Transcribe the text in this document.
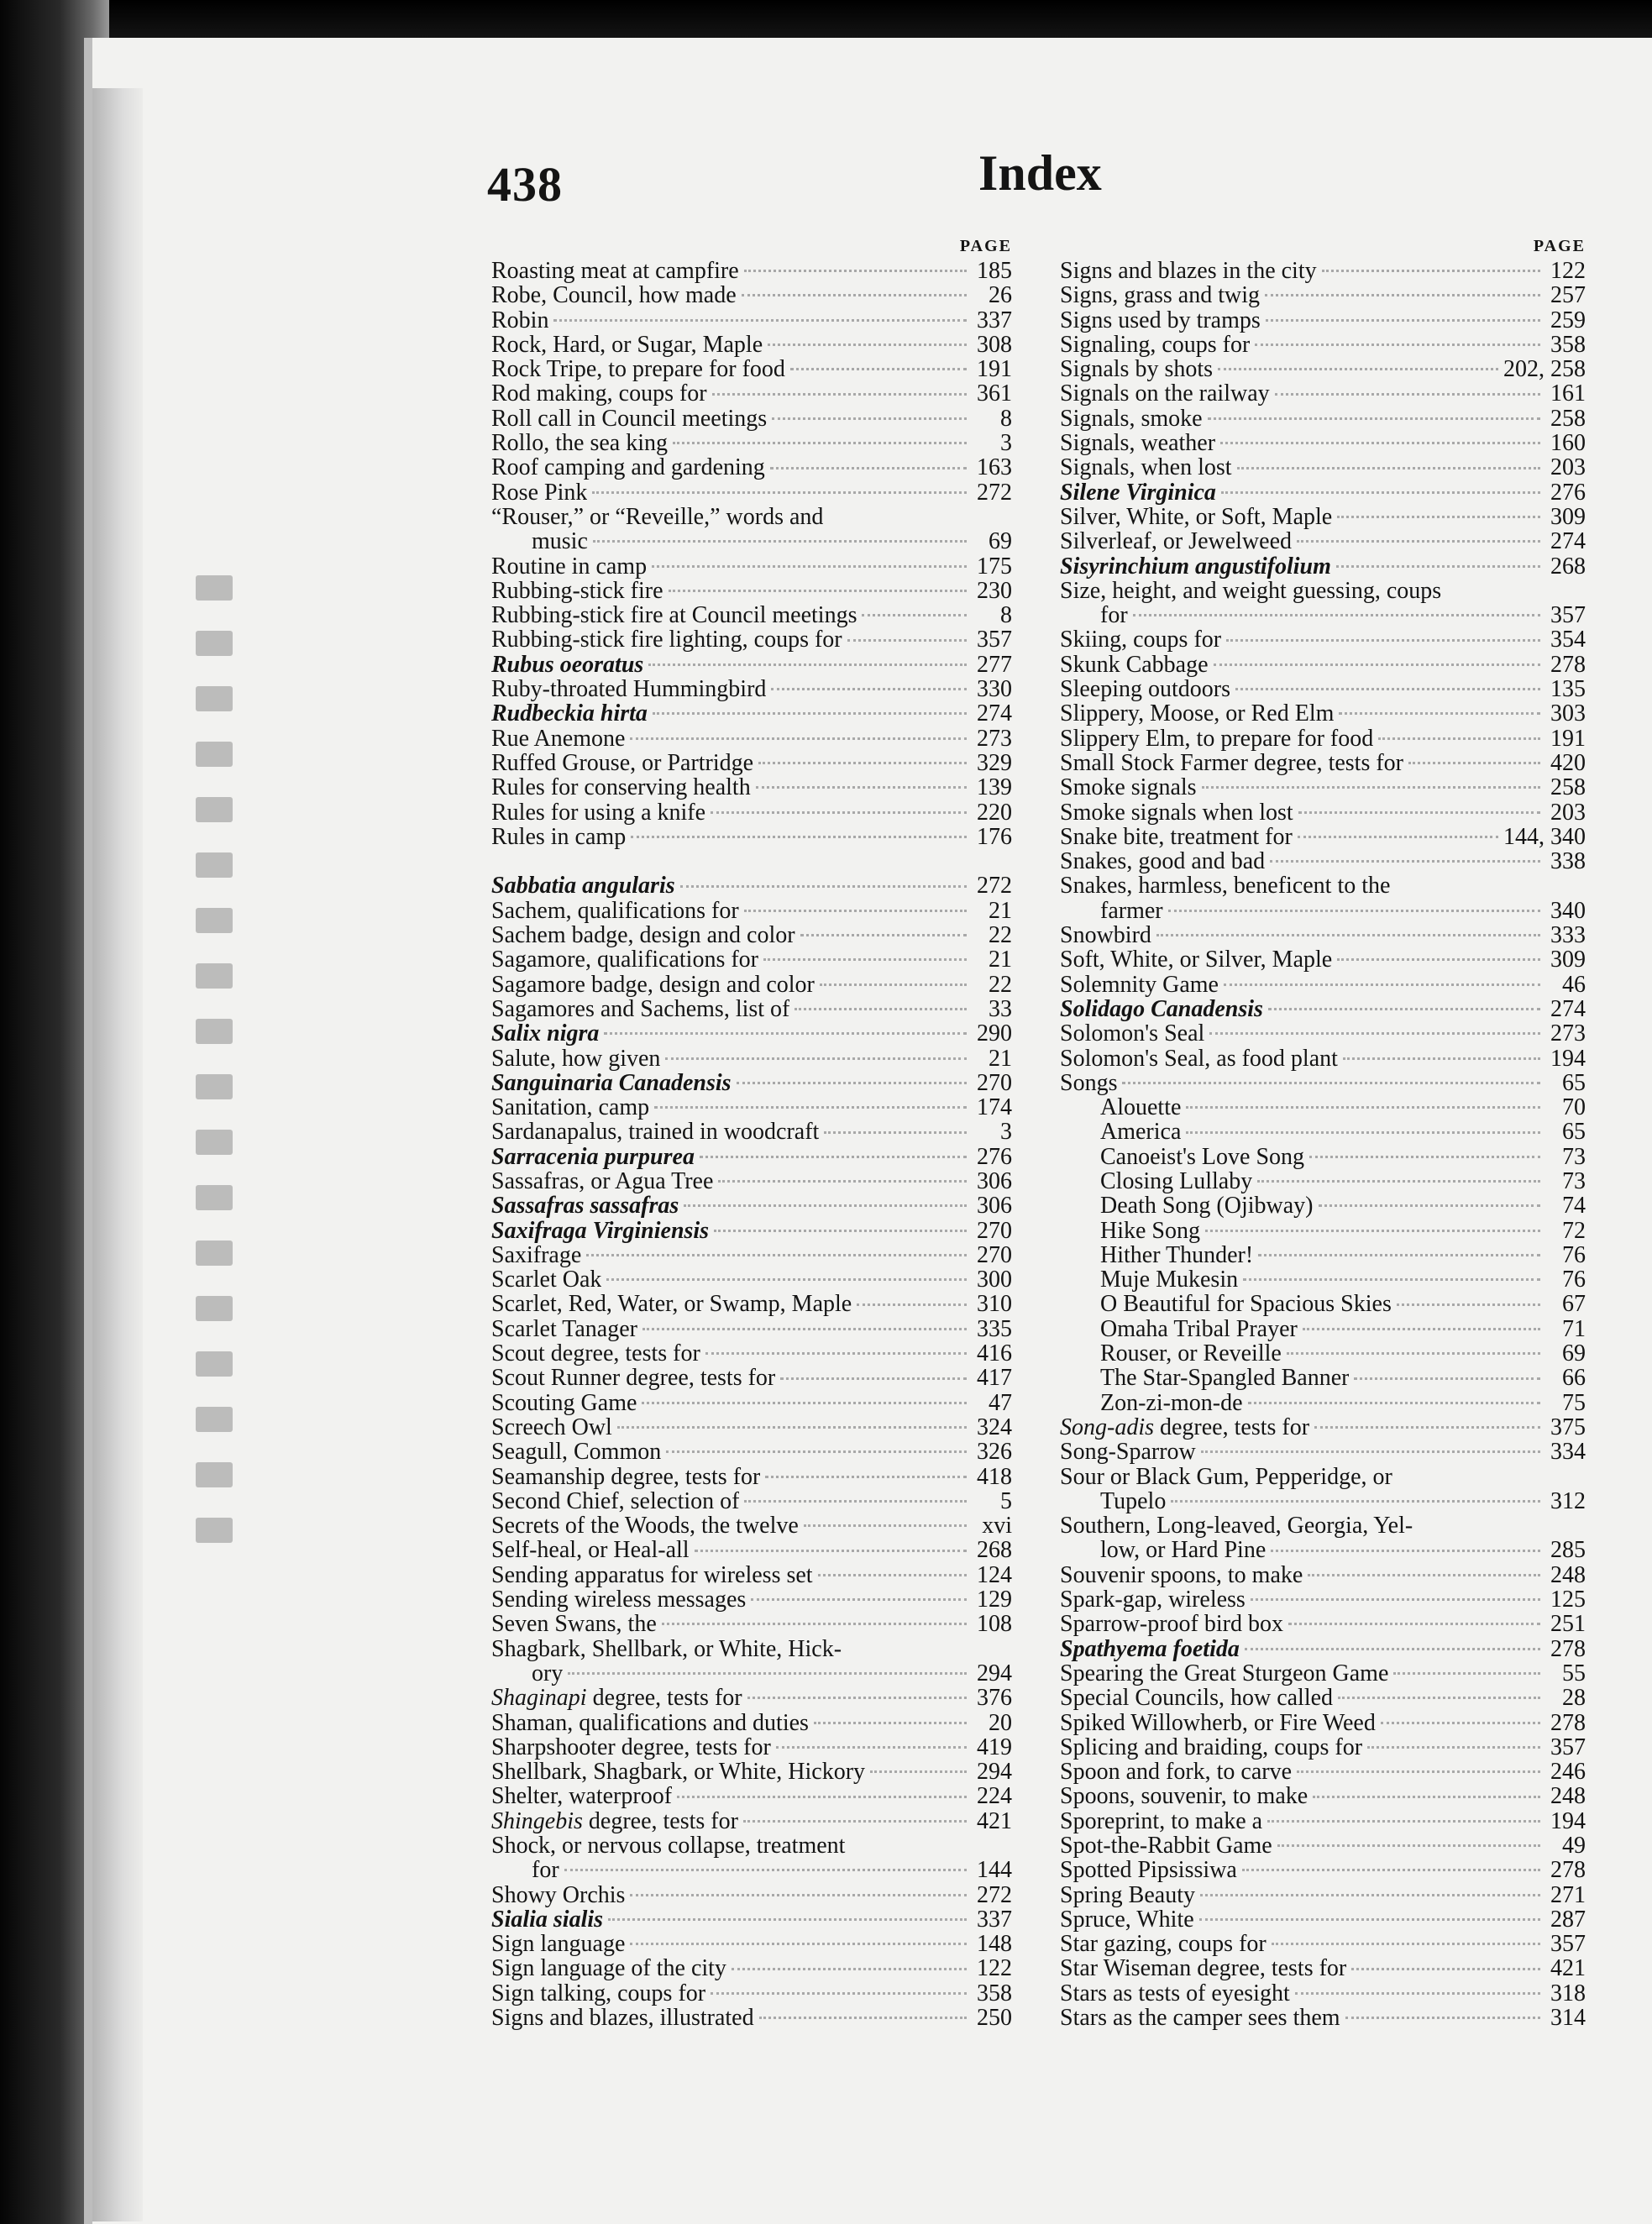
438	Index
PAGE
Roasting meat at campfire	185
Robe, Council, how made	26
Robin	337
Rock, Hard, or Sugar, Maple	308
Rock Tripe, to prepare for food	191
Rod making, coups for	361
Roll call in Council meetings	8
Rollo, the sea king	3
Roof camping and gardening	163
Rose Pink	272
“Rouser,” or “Reveille,” words and
music	69
Routine in camp	175
Rubbing-stick fire	230
Rubbing-stick fire at Council meetings	8
Rubbing-stick fire lighting, coups for	357
Rubus oeoratus	277
Ruby-throated Hummingbird	330
Rudbeckia hirta	274
Rue Anemone	273
Ruffed Grouse, or Partridge	329
Rules for conserving health	139
Rules for using a knife	220
Rules in camp	176
Sabbatia angularis	272
Sachem, qualifications for	21
Sachem badge, design and color	22
Sagamore, qualifications for	21
Sagamore badge, design and color	22
Sagamores and Sachems, list of	33
Salix nigra	290
Salute, how given	21
Sanguinaria Canadensis	270
Sanitation, camp	174
Sardanapalus, trained in woodcraft	3
Sarracenia purpurea	276
Sassafras, or Agua Tree	306
Sassafras sassafras	306
Saxifraga Virginiensis	270
Saxifrage	270
Scarlet Oak	300
Scarlet, Red, Water, or Swamp, Maple	310
Scarlet Tanager	335
Scout degree, tests for	416
Scout Runner degree, tests for	417
Scouting Game	47
Screech Owl	324
Seagull, Common	326
Seamanship degree, tests for	418
Second Chief, selection of	5
Secrets of the Woods, the twelve	xvi
Self-heal, or Heal-all	268
Sending apparatus for wireless set	124
Sending wireless messages	129
Seven Swans, the	108
Shagbark, Shellbark, or White, Hick-
ory	294
Shaginapi degree, tests for	376
Shaman, qualifications and duties	20
Sharpshooter degree, tests for	419
Shellbark, Shagbark, or White, Hickory	294
Shelter, waterproof	224
Shingebis degree, tests for	421
Shock, or nervous collapse, treatment
for	144
Showy Orchis	272
Sialia sialis	337
Sign language	148
Sign language of the city	122
Sign talking, coups for	358
Signs and blazes, illustrated	250
PAGE
Signs and blazes in the city	122
Signs, grass and twig	257
Signs used by tramps	259
Signaling, coups for	358
Signals by shots	202, 258
Signals on the railway	161
Signals, smoke	258
Signals, weather	160
Signals, when lost	203
Silene Virginica	276
Silver, White, or Soft, Maple	309
Silverleaf, or Jewelweed	274
Sisyrinchium angustifolium	268
Size, height, and weight guessing, coups
for	357
Skiing, coups for	354
Skunk Cabbage	278
Sleeping outdoors	135
Slippery, Moose, or Red Elm	303
Slippery Elm, to prepare for food	191
Small Stock Farmer degree, tests for	420
Smoke signals	258
Smoke signals when lost	203
Snake bite, treatment for	144, 340
Snakes, good and bad	338
Snakes, harmless, beneficent to the
farmer	340
Snowbird	333
Soft, White, or Silver, Maple	309
Solemnity Game	46
Solidago Canadensis	274
Solomon's Seal	273
Solomon's Seal, as food plant	194
Songs	65
Alouette	70
America	65
Canoeist's Love Song	73
Closing Lullaby	73
Death Song (Ojibway)	74
Hike Song	72
Hither Thunder!	76
Muje Mukesin	76
O Beautiful for Spacious Skies	67
Omaha Tribal Prayer	71
Rouser, or Reveille	69
The Star-Spangled Banner	66
Zon-zi-mon-de	75
Song-adis degree, tests for	375
Song-Sparrow	334
Sour or Black Gum, Pepperidge, or
Tupelo	312
Southern, Long-leaved, Georgia, Yel-
low, or Hard Pine	285
Souvenir spoons, to make	248
Spark-gap, wireless	125
Sparrow-proof bird box	251
Spathyema foetida	278
Spearing the Great Sturgeon Game	55
Special Councils, how called	28
Spiked Willowherb, or Fire Weed	278
Splicing and braiding, coups for	357
Spoon and fork, to carve	246
Spoons, souvenir, to make	248
Sporeprint, to make a	194
Spot-the-Rabbit Game	49
Spotted Pipsissiwa	278
Spring Beauty	271
Spruce, White	287
Star gazing, coups for	357
Star Wiseman degree, tests for	421
Stars as tests of eyesight	318
Stars as the camper sees them	314
